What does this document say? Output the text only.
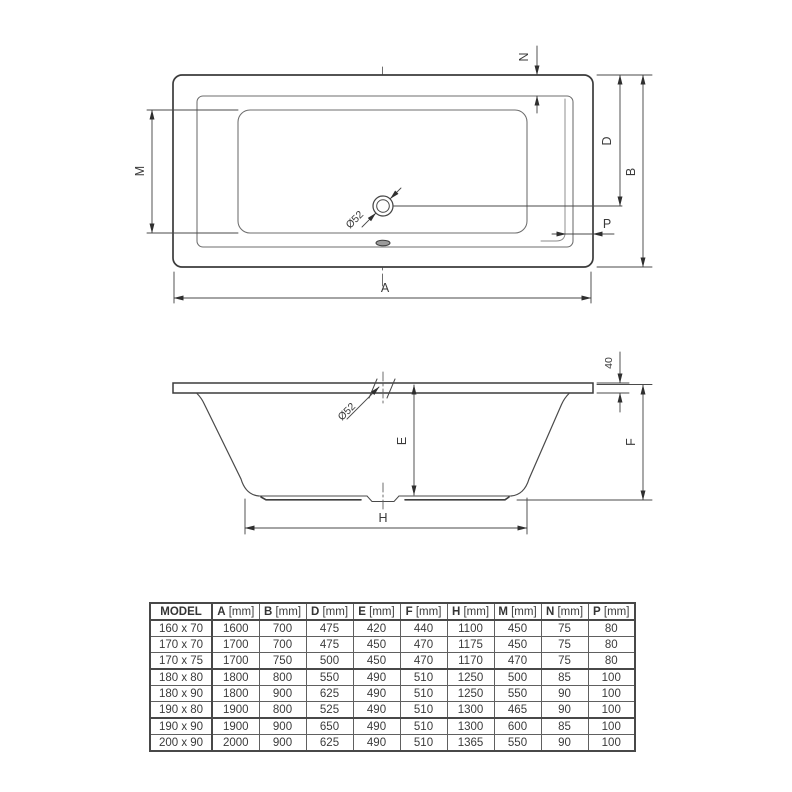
Ø52
M
N
D
B
P
A
Ø52
E
40
F
H
MODEL	A [mm]	B [mm]	D [mm]	E [mm]	F [mm]	H [mm]	M [mm]	N [mm]	P [mm]
160 x 70	1600	700	475	420	440	1100	450	75	80
170 x 70	1700	700	475	450	470	1175	450	75	80
170 x 75	1700	750	500	450	470	1170	470	75	80
180 x 80	1800	800	550	490	510	1250	500	85	100
180 x 90	1800	900	625	490	510	1250	550	90	100
190 x 80	1900	800	525	490	510	1300	465	90	100
190 x 90	1900	900	650	490	510	1300	600	85	100
200 x 90	2000	900	625	490	510	1365	550	90	100
